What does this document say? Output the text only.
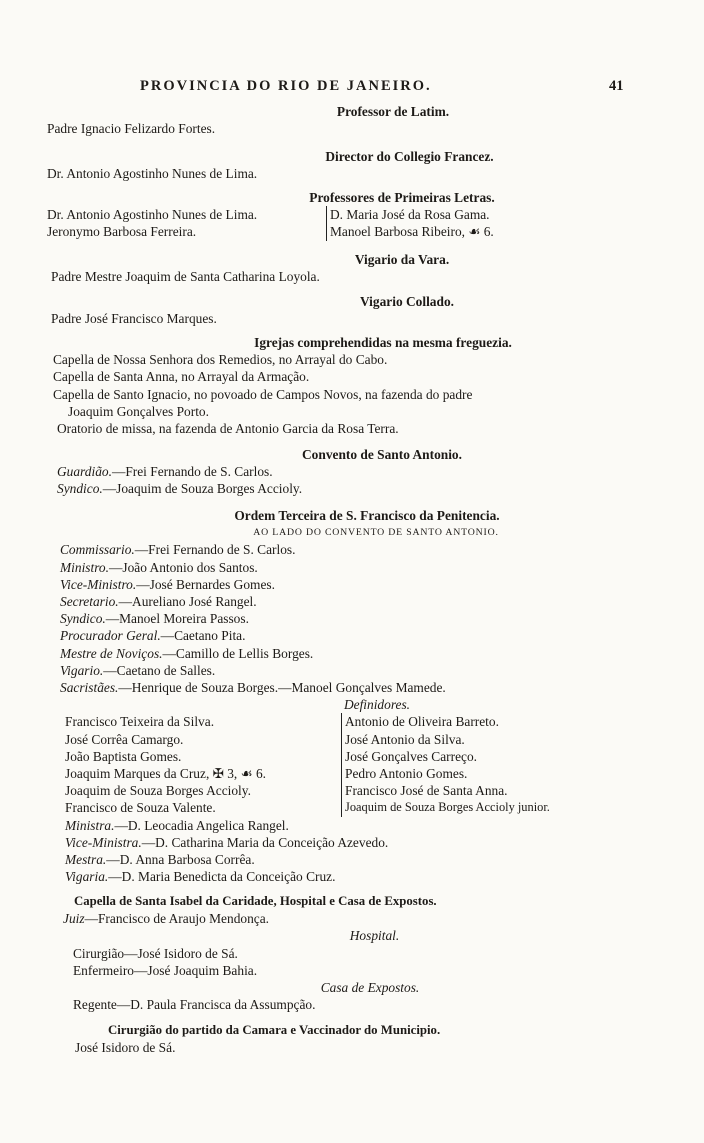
PROVINCIA DO RIO DE JANEIRO.	41
Professor de Latim.
Padre Ignacio Felizardo Fortes.
Director do Collegio Francez.
Dr. Antonio Agostinho Nunes de Lima.
Professores de Primeiras Letras.
Dr. Antonio Agostinho Nunes de Lima.	D. Maria José da Rosa Gama.
Jeronymo Barbosa Ferreira.	Manoel Barbosa Ribeiro, ☙ 6.
Vigario da Vara.
Padre Mestre Joaquim de Santa Catharina Loyola.
Vigario Collado.
Padre José Francisco Marques.
Igrejas comprehendidas na mesma freguezia.
Capella de Nossa Senhora dos Remedios, no Arrayal do Cabo.
Capella de Santa Anna, no Arrayal da Armação.
Capella de Santo Ignacio, no povoado de Campos Novos, na fazenda do padre
Joaquim Gonçalves Porto.
Oratorio de missa, na fazenda de Antonio Garcia da Rosa Terra.
Convento de Santo Antonio.
Guardião.—Frei Fernando de S. Carlos.
Syndico.—Joaquim de Souza Borges Accioly.
Ordem Terceira de S. Francisco da Penitencia.
AO LADO DO CONVENTO DE SANTO ANTONIO.
Commissario.—Frei Fernando de S. Carlos.
Ministro.—João Antonio dos Santos.
Vice-Ministro.—José Bernardes Gomes.
Secretario.—Aureliano José Rangel.
Syndico.—Manoel Moreira Passos.
Procurador Geral.—Caetano Pita.
Mestre de Noviços.—Camillo de Lellis Borges.
Vigario.—Caetano de Salles.
Sacristães.—Henrique de Souza Borges.—Manoel Gonçalves Mamede.
Definidores.
Francisco Teixeira da Silva.	Antonio de Oliveira Barreto.
José Corrêa Camargo.	José Antonio da Silva.
João Baptista Gomes.	José Gonçalves Carreço.
Joaquim Marques da Cruz, ✠ 3, ☙ 6.	Pedro Antonio Gomes.
Joaquim de Souza Borges Accioly.	Francisco José de Santa Anna.
Francisco de Souza Valente.	Joaquim de Souza Borges Accioly junior.
Ministra.—D. Leocadia Angelica Rangel.
Vice-Ministra.—D. Catharina Maria da Conceição Azevedo.
Mestra.—D. Anna Barbosa Corrêa.
Vigaria.—D. Maria Benedicta da Conceição Cruz.
Capella de Santa Isabel da Caridade, Hospital e Casa de Expostos.
Juiz—Francisco de Araujo Mendonça.
Hospital.
Cirurgião—José Isidoro de Sá.
Enfermeiro—José Joaquim Bahia.
Casa de Expostos.
Regente—D. Paula Francisca da Assumpção.
Cirurgião do partido da Camara e Vaccinador do Municipio.
José Isidoro de Sá.
